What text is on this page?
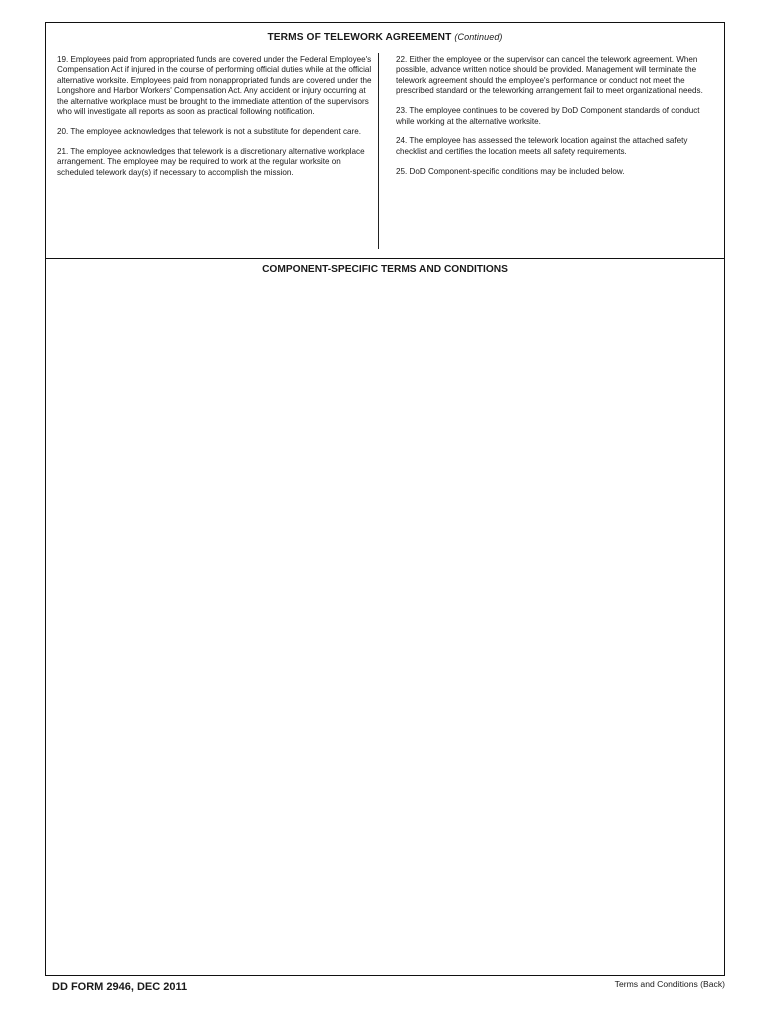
TERMS OF TELEWORK AGREEMENT (Continued)

19. Employees paid from appropriated funds are covered under the Federal Employee's Compensation Act if injured in the course of performing official duties while at the official alternative worksite. Employees paid from nonappropriated funds are covered under the Longshore and Harbor Workers' Compensation Act. Any accident or injury occurring at the alternative workplace must be brought to the immediate attention of the supervisors who will investigate all reports as soon as practical following notification.

20. The employee acknowledges that telework is not a substitute for dependent care.

21. The employee acknowledges that telework is a discretionary alternative workplace arrangement. The employee may be required to work at the regular worksite on scheduled telework day(s) if necessary to accomplish the mission.

22. Either the employee or the supervisor can cancel the telework agreement. When possible, advance written notice should be provided. Management will terminate the telework agreement should the employee's performance or conduct not meet the prescribed standard or the teleworking arrangement fail to meet organizational needs.

23. The employee continues to be covered by DoD Component standards of conduct while working at the alternative worksite.

24. The employee has assessed the telework location against the attached safety checklist and certifies the location meets all safety requirements.

25. DoD Component-specific conditions may be included below.

COMPONENT-SPECIFIC TERMS AND CONDITIONS
DD FORM 2946, DEC 2011	Terms and Conditions (Back)
